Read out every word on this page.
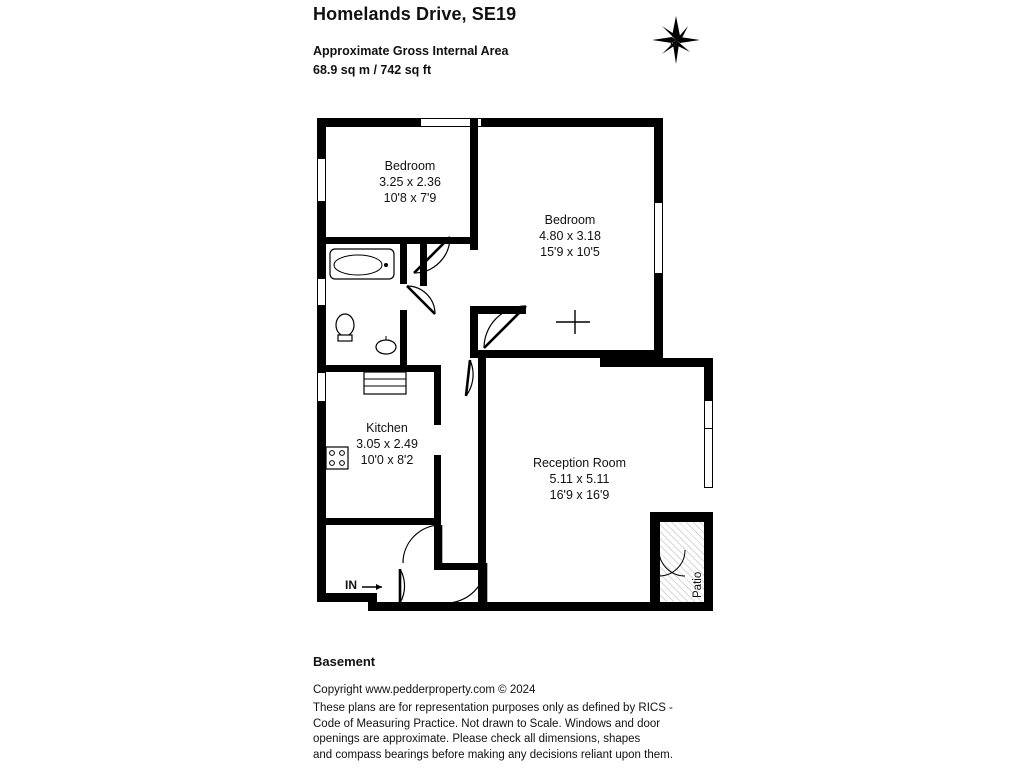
Homelands Drive, SE19
Approximate Gross Internal Area
68.9 sq m / 742 sq ft
N
Bedroom
3.25 x 2.36
10'8 x 7'9
Bedroom
4.80 x 3.18
15'9 x 10'5
Kitchen
3.05 x 2.49
10'0 x 8'2	Reception Room
5.11 x 5.11
16'9 x 16'9
Patio
IN
Basement
Copyright www.pedderproperty.com © 2024
These plans are for representation purposes only as defined by RICS -
Code of Measuring Practice. Not drawn to Scale. Windows and door
openings are approximate. Please check all dimensions, shapes
and compass bearings before making any decisions reliant upon them.
